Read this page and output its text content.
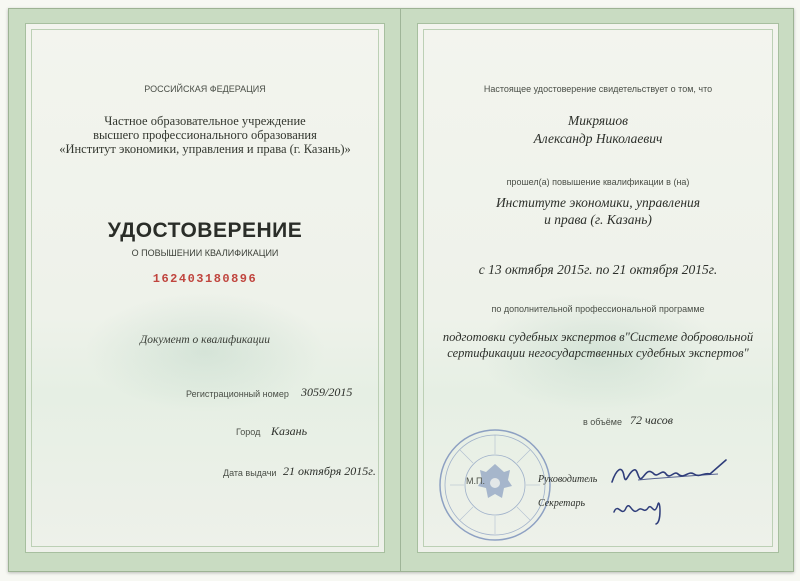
РОССИЙСКАЯ ФЕДЕРАЦИЯ
Частное образовательное учреждение
высшего профессионального образования
«Институт экономики, управления и права (г. Казань)»
УДОСТОВЕРЕНИЕ
О ПОВЫШЕНИИ КВАЛИФИКАЦИИ
162403180896
Документ о квалификации
Регистрационный номер 3059/2015
Город Казань
Дата выдачи 21 октября 2015г.
Настоящее удостоверение свидетельствует о том, что
Микряшов
Александр Николаевич
прошел(а) повышение квалификации в (на)
Институте экономики, управления
и права (г. Казань)
с 13 октября 2015г. по 21 октября 2015г.
по дополнительной профессиональной программе
подготовки судебных экспертов в"Системе добровольной
сертификации негосударственных судебных экспертов"
в объёме 72 часов
М.П.	Руководитель
Секретарь
